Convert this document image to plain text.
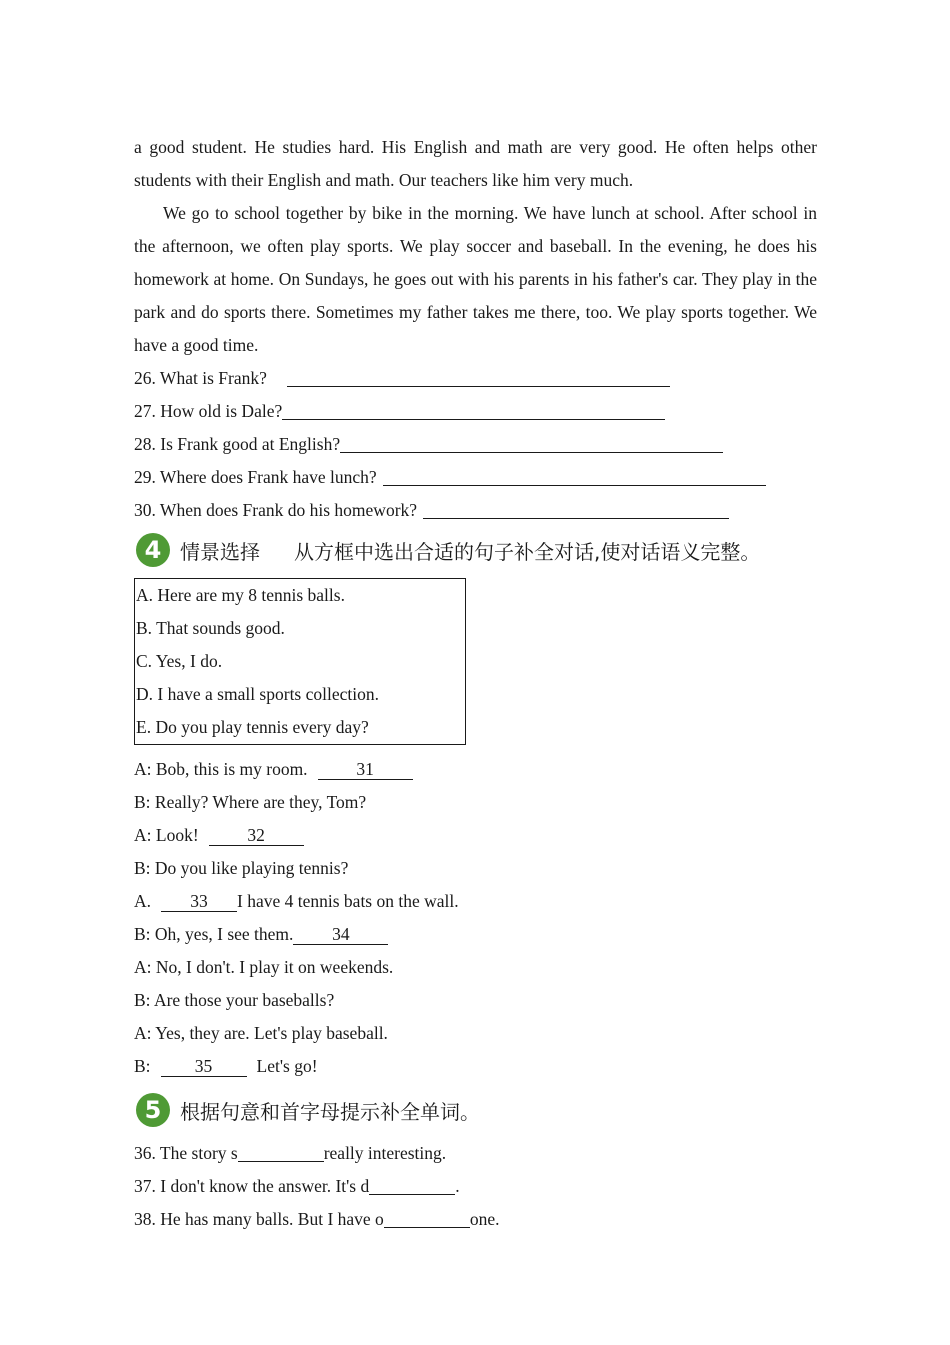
a good student. He studies hard. His English and math are very good. He often helps other students with their English and math. Our teachers like him very much.

We go to school together by bike in the morning. We have lunch at school. After school in the afternoon, we often play sports. We play soccer and baseball. In the evening, he does his homework at home. On Sundays, he goes out with his parents in his father's car. They play in the park and do sports there. Sometimes my father takes me there, too. We play sports together. We have a good time.

26. What is Frank?

27. How old is Dale?

28. Is Frank good at English?

29. Where does Frank have lunch?

30. When does Frank do his homework?

4 情景选择 从方框中选出合适的句子补全对话,使对话语义完整。

A. Here are my 8 tennis balls.

B. That sounds good.

C. Yes, I do.

D. I have a small sports collection.

E. Do you play tennis every day?

A: Bob, this is my room.	31

B: Really? Where are they, Tom?

A: Look!	32

B: Do you like playing tennis?

A. 33 I have 4 tennis bats on the wall.

B: Oh, yes, I see them. 34

A: No, I don't. I play it on weekends.

B: Are those your baseballs?

A: Yes, they are. Let's play baseball.

B:	35	Let's go!

5 根据句意和首字母提示补全单词。

36. The story s	really interesting.

37. I don't know the answer. It's d	.

38. He has many balls. But I have o	one.
